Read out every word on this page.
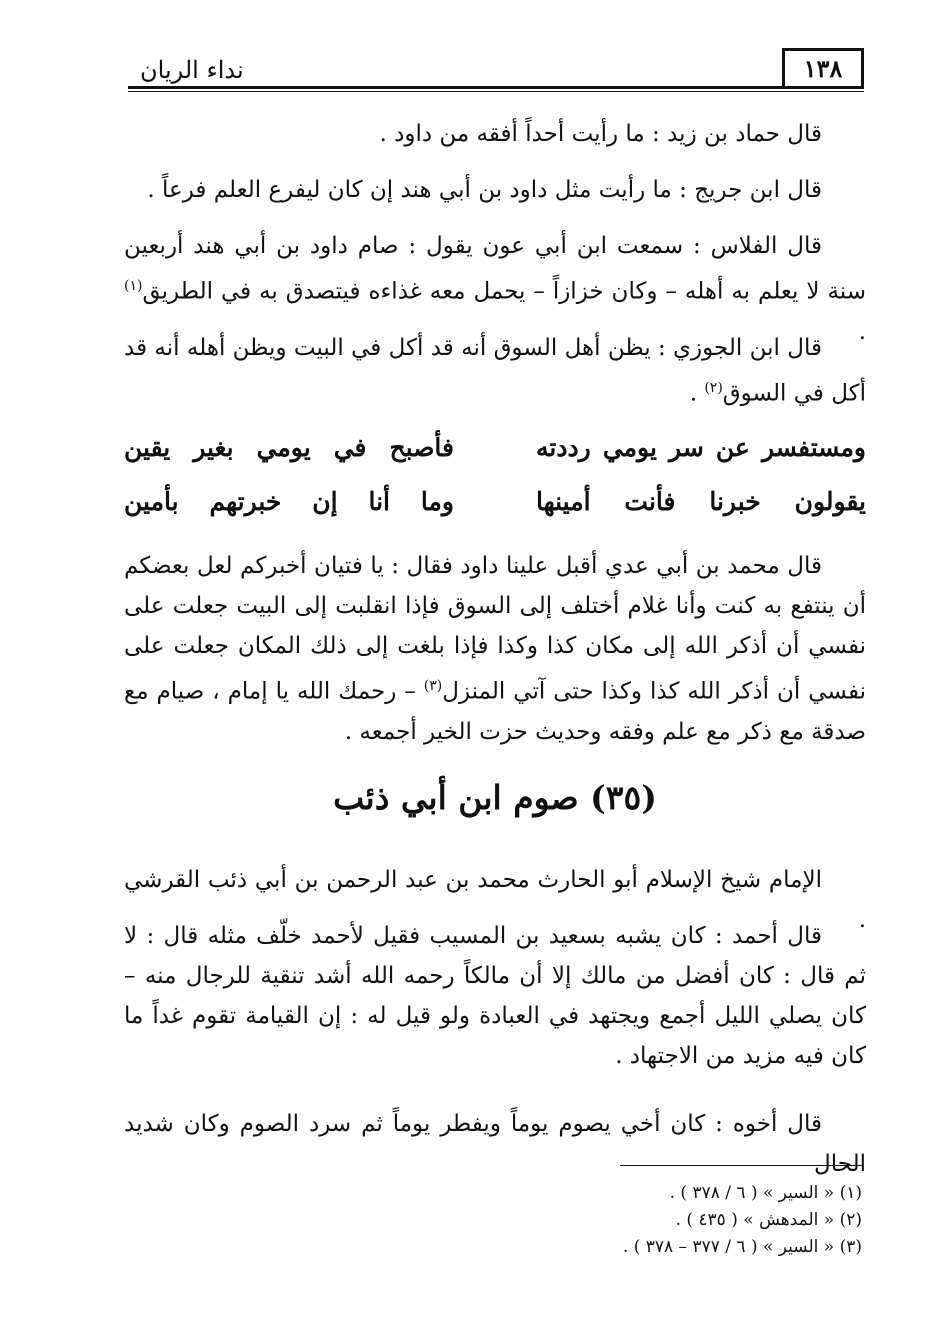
١٣٨
نداء الريان
قال حماد بن زيد : ما رأيت أحداً أفقه من داود .
قال ابن جريج : ما رأيت مثل داود بن أبي هند إن كان ليفرع العلم فرعاً .
قال الفلاس : سمعت ابن أبي عون يقول : صام داود بن أبي هند أربعين سنة لا يعلم به أهله – وكان خزازاً – يحمل معه غذاءه فيتصدق به في الطريق$^{(١)}$ .
قال ابن الجوزي : يظن أهل السوق أنه قد أكل في البيت ويظن أهله أنه قد أكل في السوق$^{(٢)}$ .
ومستفسر عن سر يومي رددته
فأصبح في يومي بغير يقين
يقولون خبرنا فأنت أمينها
وما أنا إن خبرتهم بأمين
قال محمد بن أبي عدي أقبل علينا داود فقال : يا فتيان أخبركم لعل بعضكم أن ينتفع به كنت وأنا غلام أختلف إلى السوق فإذا انقلبت إلى البيت جعلت على نفسي أن أذكر الله إلى مكان كذا وكذا فإذا بلغت إلى ذلك المكان جعلت على نفسي أن أذكر الله كذا وكذا حتى آتي المنزل$^{(٣)}$ – رحمك الله يا إمام ، صيام مع صدقة مع ذكر مع علم وفقه وحديث حزت الخير أجمعه .
(٣٥) صوم ابن أبي ذئب
الإمام شيخ الإسلام أبو الحارث محمد بن عبد الرحمن بن أبي ذئب القرشي .
قال أحمد : كان يشبه بسعيد بن المسيب فقيل لأحمد خلّف مثله قال : لا ثم قال : كان أفضل من مالك إلا أن مالكاً رحمه الله أشد تنقية للرجال منه – كان يصلي الليل أجمع ويجتهد في العبادة ولو قيل له : إن القيامة تقوم غداً ما كان فيه مزيد من الاجتهاد .
قال أخوه : كان أخي يصوم يوماً ويفطر يوماً ثم سرد الصوم وكان شديد الحال
(١) « السير » ( ٦ / ٣٧٨ ) .
(٢) « المدهش » ( ٤٣٥ ) .
(٣) « السير » ( ٦ / ٣٧٧ – ٣٧٨ ) .
